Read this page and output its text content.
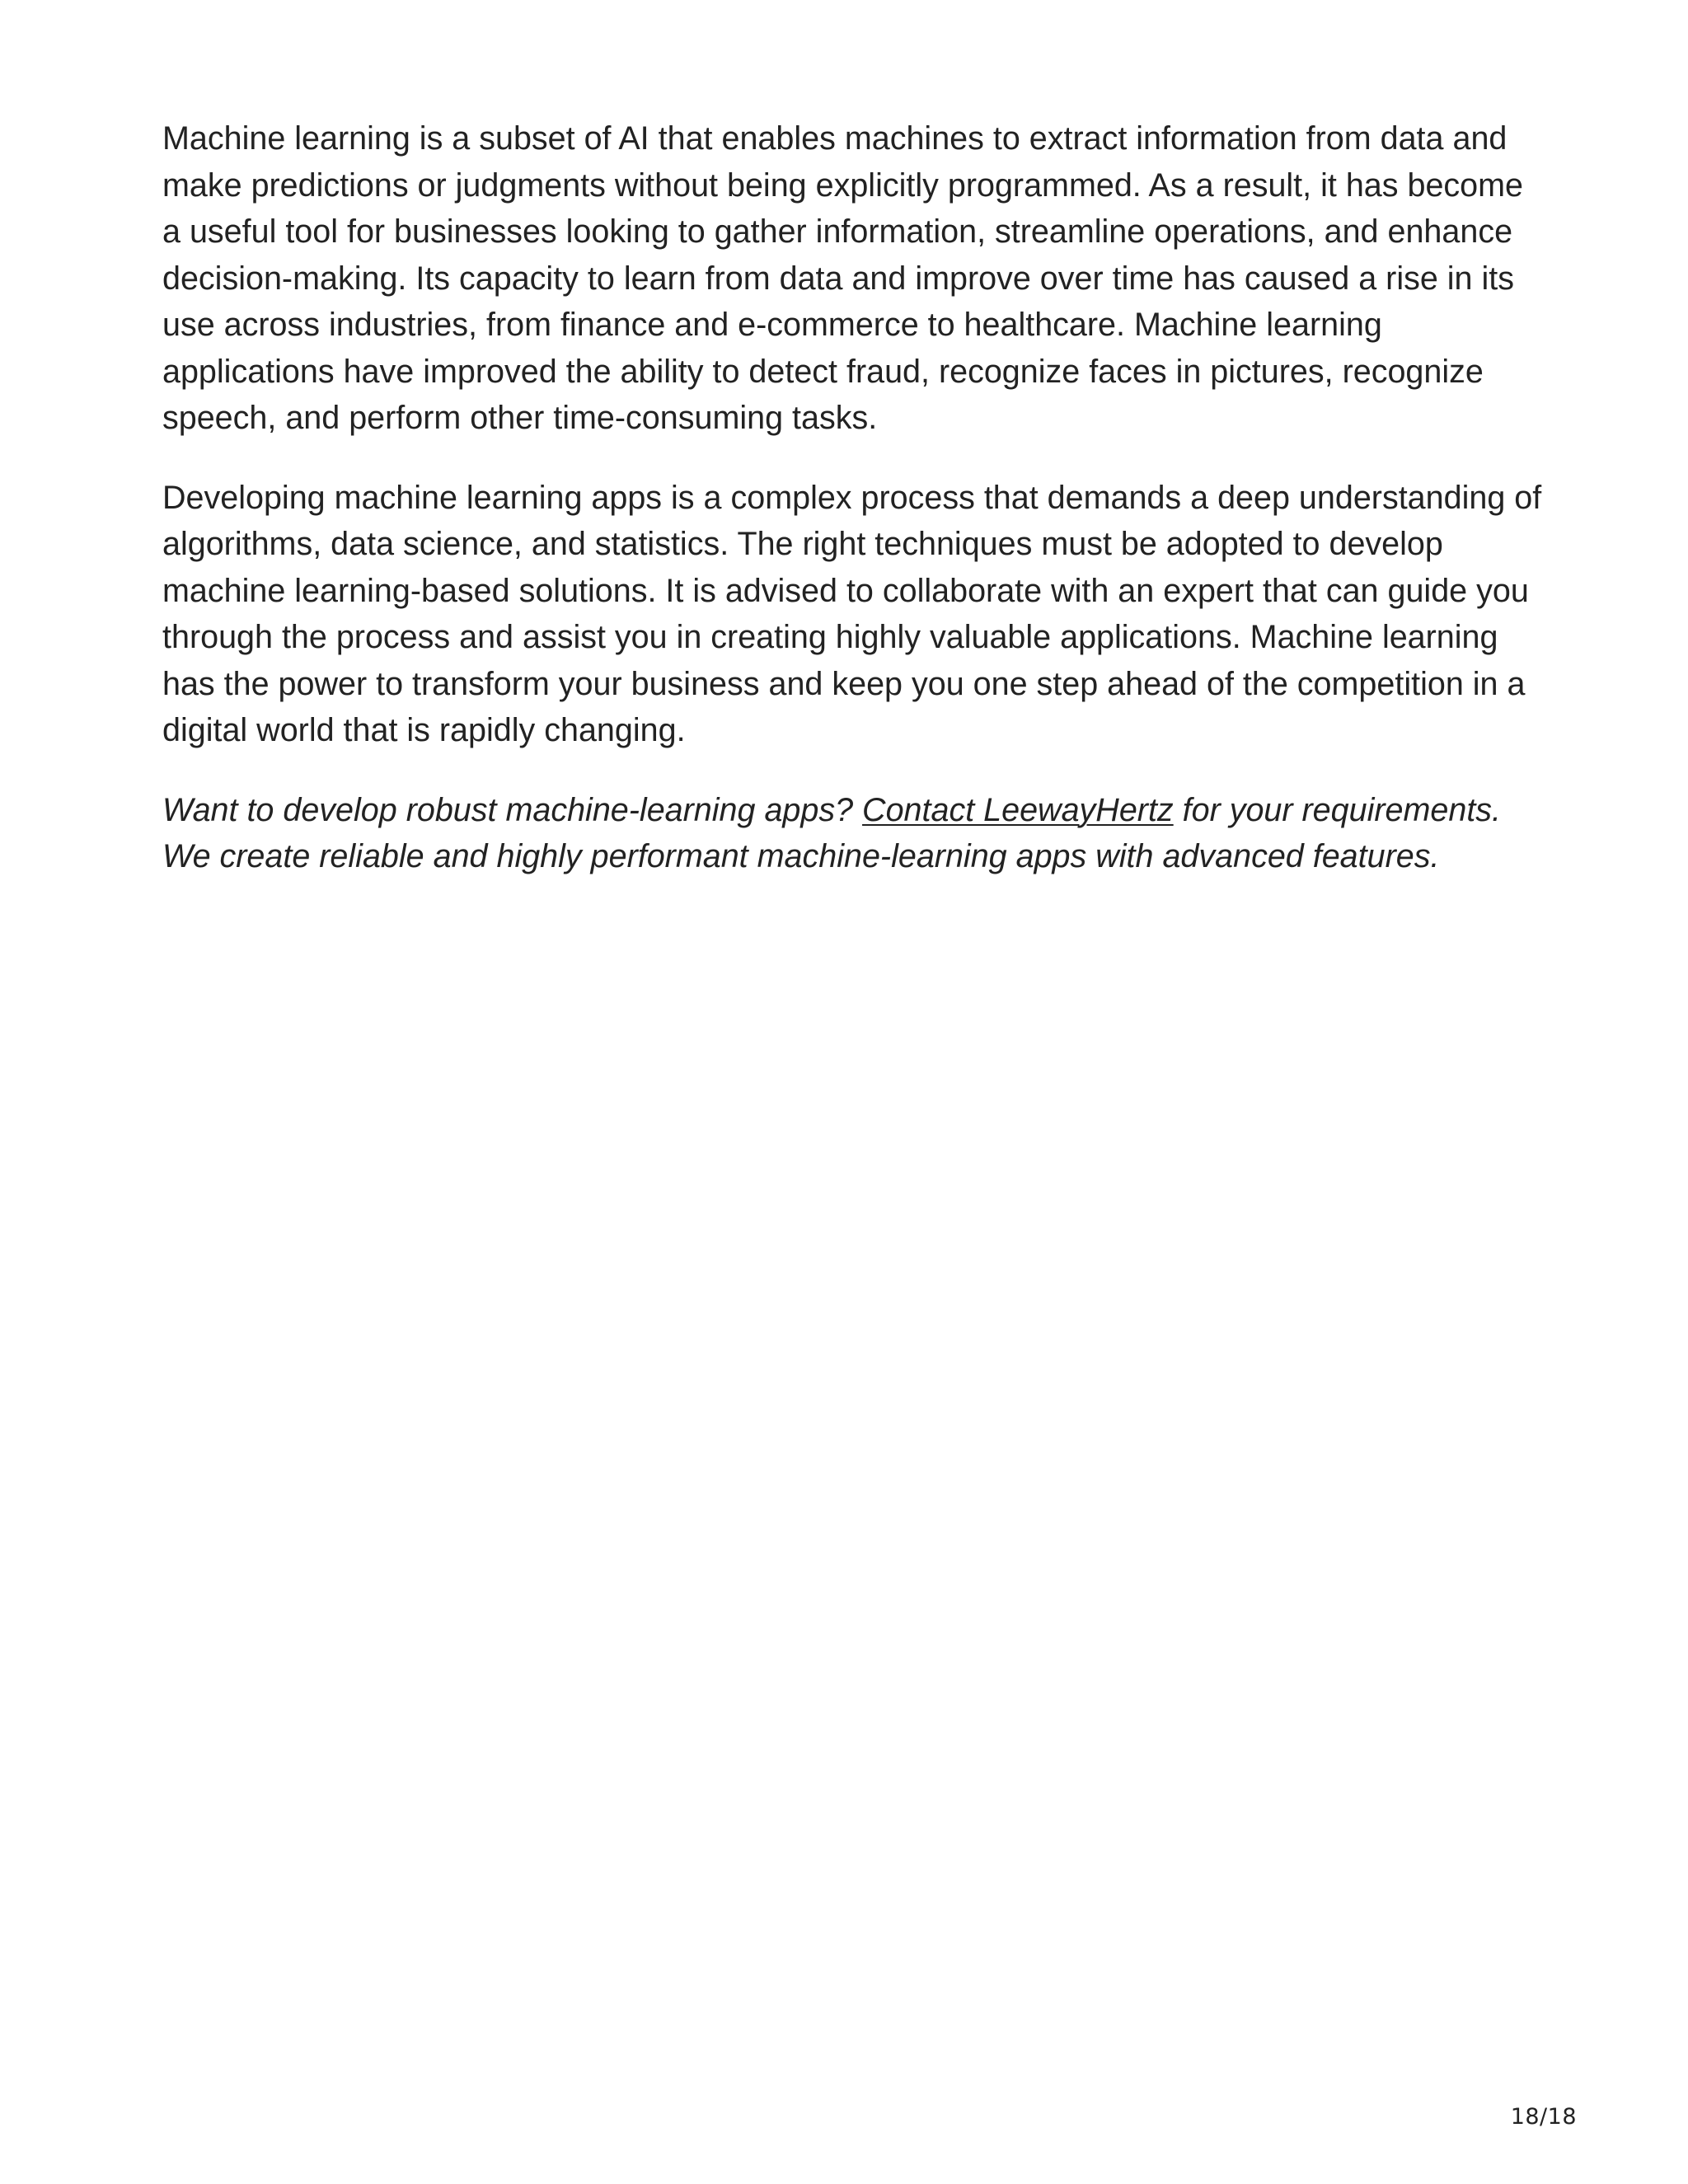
Machine learning is a subset of AI that enables machines to extract information from data and make predictions or judgments without being explicitly programmed. As a result, it has become a useful tool for businesses looking to gather information, streamline operations, and enhance decision-making. Its capacity to learn from data and improve over time has caused a rise in its use across industries, from finance and e-commerce to healthcare. Machine learning applications have improved the ability to detect fraud, recognize faces in pictures, recognize speech, and perform other time-consuming tasks.

Developing machine learning apps is a complex process that demands a deep understanding of algorithms, data science, and statistics. The right techniques must be adopted to develop machine learning-based solutions. It is advised to collaborate with an expert that can guide you through the process and assist you in creating highly valuable applications. Machine learning has the power to transform your business and keep you one step ahead of the competition in a digital world that is rapidly changing.

Want to develop robust machine-learning apps? Contact LeewayHertz for your requirements. We create reliable and highly performant machine-learning apps with advanced features.

18/18
